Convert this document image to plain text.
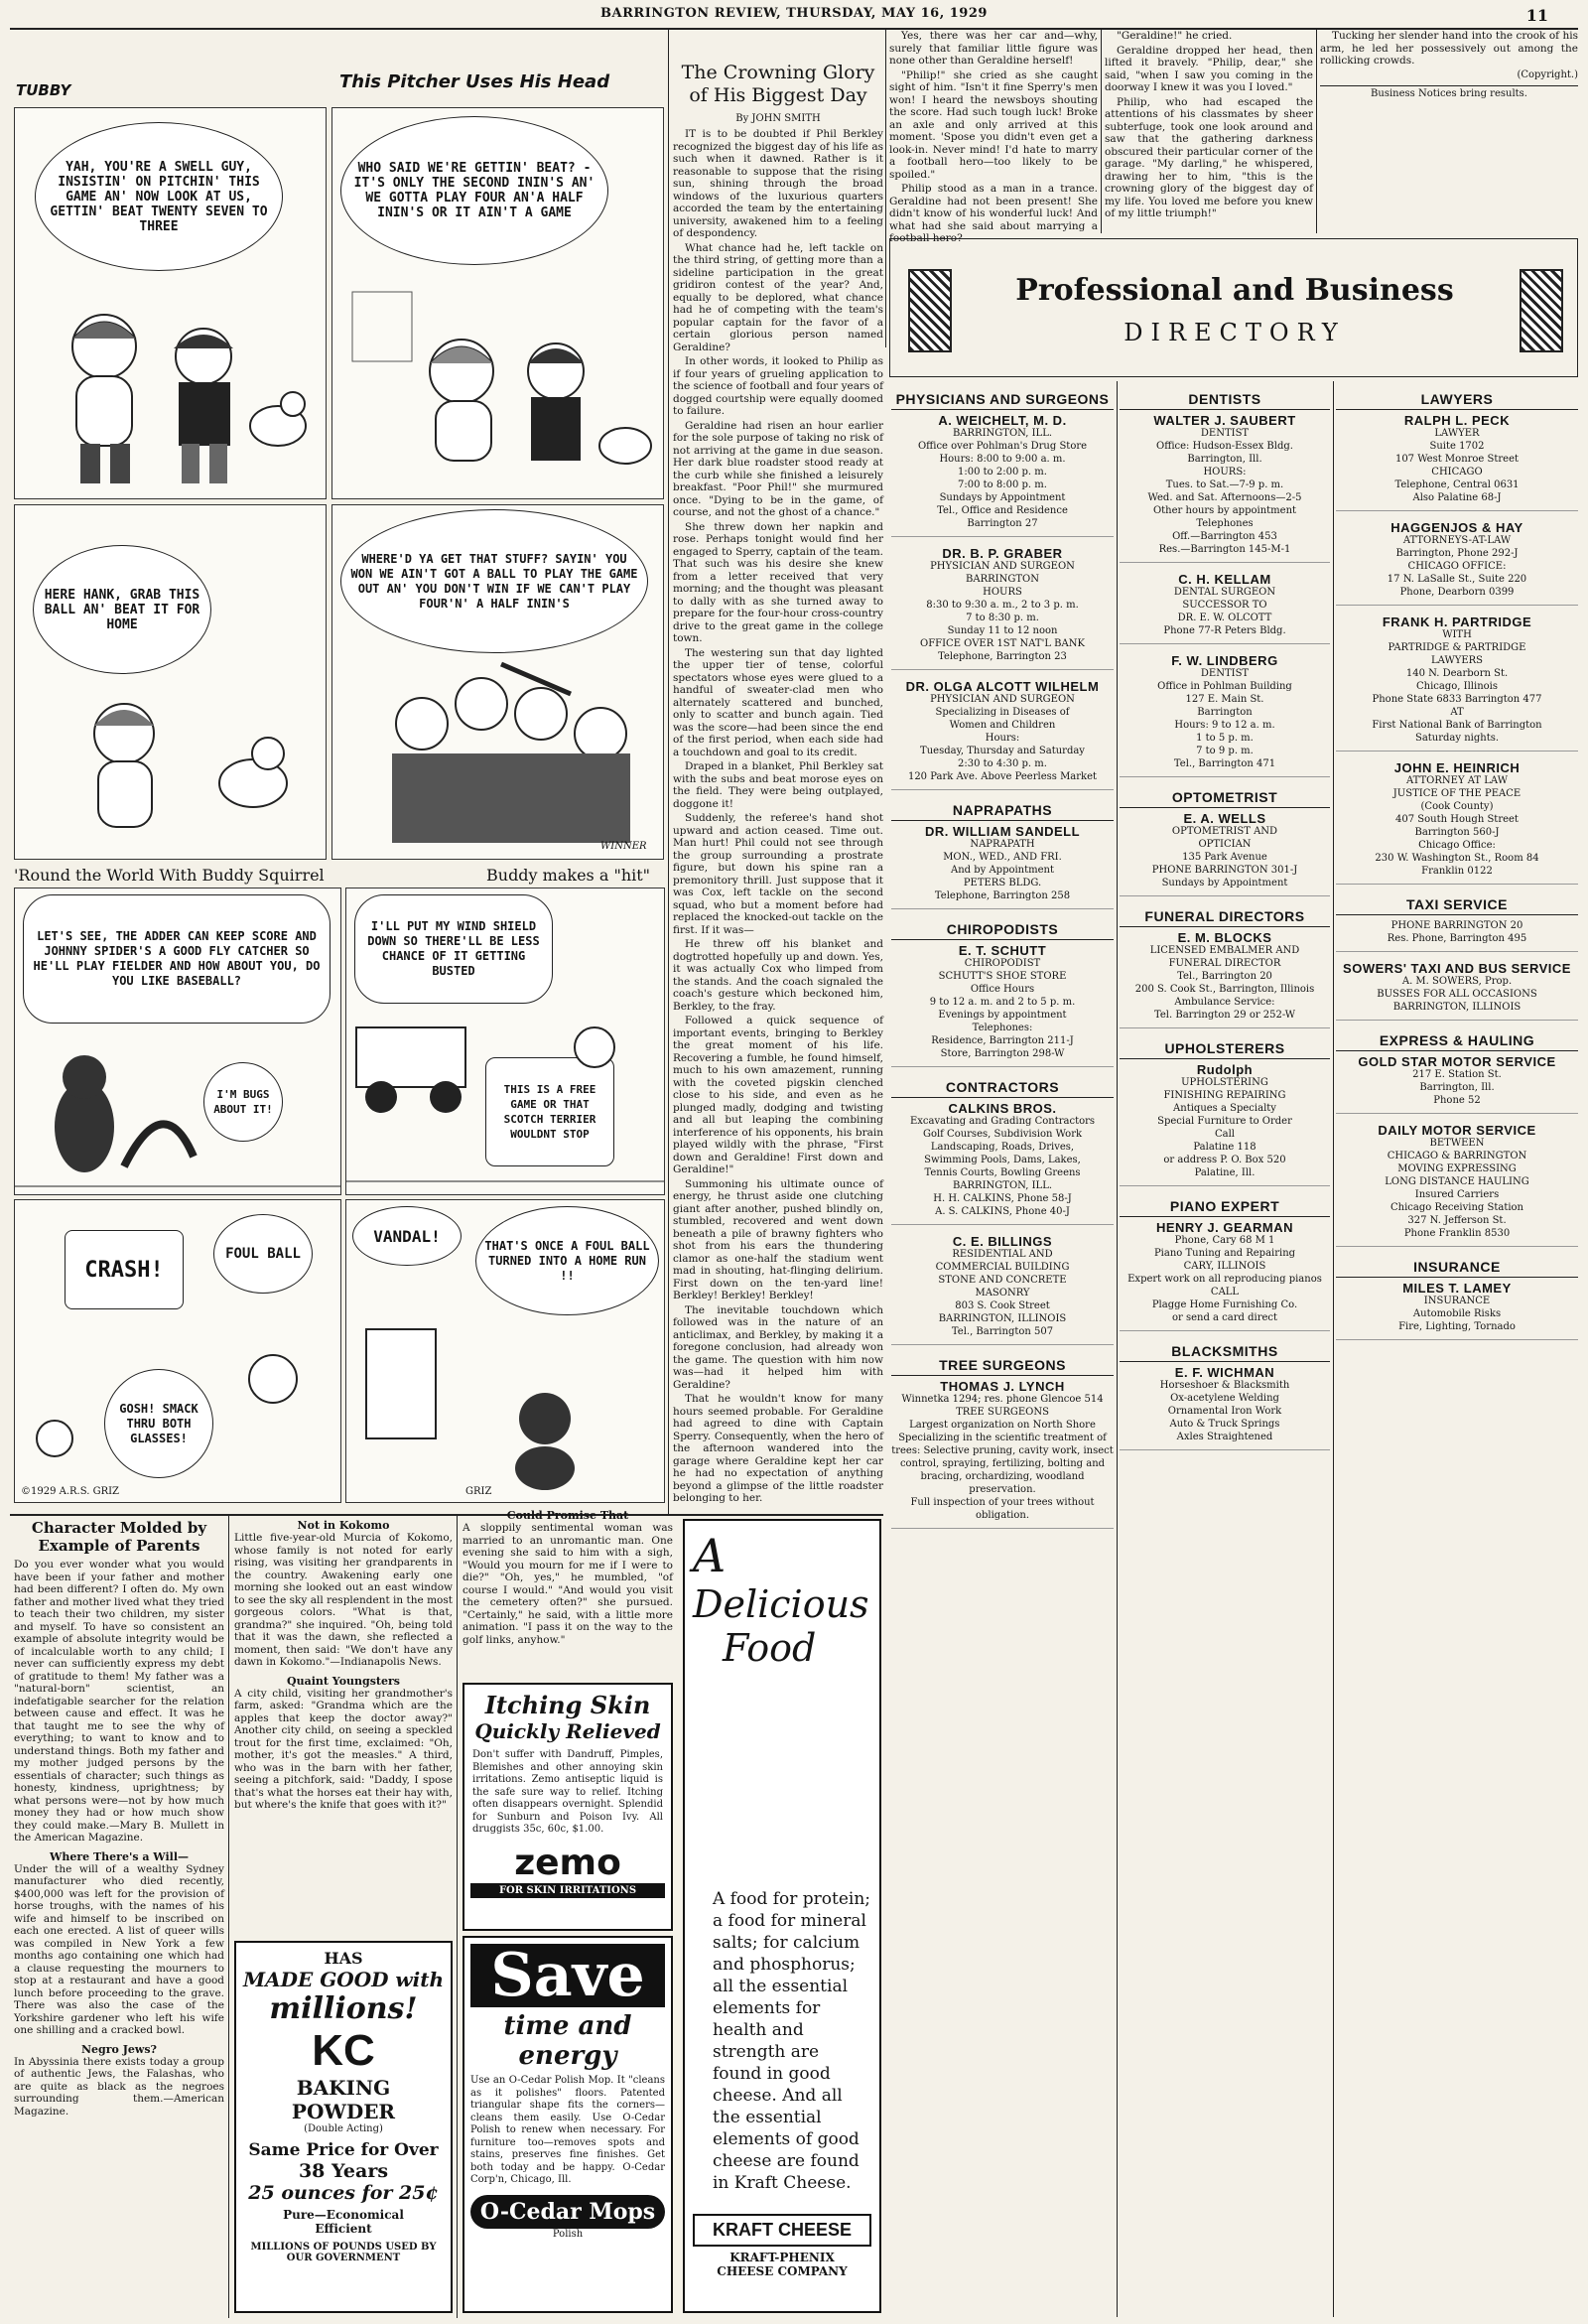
BARRINGTON REVIEW, THURSDAY, MAY 16, 1929	11
TUBBY	This Pitcher Uses His Head
YAH, YOU'RE A SWELL GUY, INSISTIN' ON PITCHIN' THIS GAME AN' NOW LOOK AT US, GETTIN' BEAT TWENTY SEVEN TO THREE
WHO SAID WE'RE GETTIN' BEAT? - IT'S ONLY THE SECOND ININ'S AN' WE GOTTA PLAY FOUR AN'A HALF ININ'S OR IT AIN'T A GAME
HERE HANK, GRAB THIS BALL AN' BEAT IT FOR HOME
WHERE'D YA GET THAT STUFF? SAYIN' YOU WON WE AIN'T GOT A BALL TO PLAY THE GAME OUT AN' YOU DON'T WIN IF WE CAN'T PLAY FOUR'N' A HALF ININ'S
WINNER
'Round the World With Buddy Squirrel	Buddy makes a "hit"
LET'S SEE, THE ADDER CAN KEEP SCORE AND JOHNNY SPIDER'S A GOOD FLY CATCHER SO HE'LL PLAY FIELDER AND HOW ABOUT YOU, DO YOU LIKE BASEBALL?
I'M BUGS ABOUT IT!
I'LL PUT MY WIND SHIELD DOWN SO THERE'LL BE LESS CHANCE OF IT GETTING BUSTED
THIS IS A FREE GAME OR THAT SCOTCH TERRIER WOULDNT STOP
CRASH!
FOUL BALL
GOSH! SMACK THRU BOTH GLASSES!
©1929 A.R.S. GRIZ
VANDAL!	THAT'S ONCE A FOUL BALL TURNED INTO A HOME RUN !!
GRIZ
The Crowning Glory of His Biggest Day
By JOHN SMITH

IT is to be doubted if Phil Berkley recognized the biggest day of his life as such when it dawned. Rather is it reasonable to suppose that the rising sun, shining through the broad windows of the luxurious quarters accorded the team by the entertaining university, awakened him to a feeling of despondency.

What chance had he, left tackle on the third string, of getting more than a sideline participation in the great gridiron contest of the year? And, equally to be deplored, what chance had he of competing with the team's popular captain for the favor of a certain glorious person named Geraldine?

In other words, it looked to Philip as if four years of grueling application to the science of football and four years of dogged courtship were equally doomed to failure.

Geraldine had risen an hour earlier for the sole purpose of taking no risk of not arriving at the game in due season. Her dark blue roadster stood ready at the curb while she finished a leisurely breakfast. "Poor Phil!" she murmured once. "Dying to be in the game, of course, and not the ghost of a chance."

She threw down her napkin and rose. Perhaps tonight would find her engaged to Sperry, captain of the team. That such was his desire she knew from a letter received that very morning; and the thought was pleasant to dally with as she turned away to prepare for the four-hour cross-country drive to the great game in the college town.

The westering sun that day lighted the upper tier of tense, colorful spectators whose eyes were glued to a handful of sweater-clad men who alternately scattered and bunched, only to scatter and bunch again. Tied was the score—had been since the end of the first period, when each side had a touchdown and goal to its credit.

Draped in a blanket, Phil Berkley sat with the subs and beat morose eyes on the field. They were being outplayed, doggone it!

Suddenly, the referee's hand shot upward and action ceased. Time out. Man hurt! Phil could not see through the group surrounding a prostrate figure, but down his spine ran a premonitory thrill. Just suppose that it was Cox, left tackle on the second squad, who but a moment before had replaced the knocked-out tackle on the first. If it was—

He threw off his blanket and dogtrotted hopefully up and down. Yes, it was actually Cox who limped from the stands. And the coach signaled the coach's gesture which beckoned him, Berkley, to the fray.

Followed a quick sequence of important events, bringing to Berkley the great moment of his life. Recovering a fumble, he found himself, much to his own amazement, running with the coveted pigskin clenched close to his side, and even as he plunged madly, dodging and twisting and all but leaping the combining interference of his opponents, his brain played wildly with the phrase, "First down and Geraldine! First down and Geraldine!"

Summoning his ultimate ounce of energy, he thrust aside one clutching giant after another, pushed blindly on, stumbled, recovered and went down beneath a pile of brawny fighters who shot from his ears the thundering clamor as one-half the stadium went mad in shouting, hat-flinging delirium. First down on the ten-yard line! Berkley! Berkley! Berkley!

The inevitable touchdown which followed was in the nature of an anticlimax, and Berkley, by making it a foregone conclusion, had already won the game. The question with him now was—had it helped him with Geraldine?

That he wouldn't know for many hours seemed probable. For Geraldine had agreed to dine with Captain Sperry. Consequently, when the hero of the afternoon wandered into the garage where Geraldine kept her car he had no expectation of anything beyond a glimpse of the little roadster belonging to her.

Yes, there was her car and—why, surely that familiar little figure was none other than Geraldine herself!

"Philip!" she cried as she caught sight of him. "Isn't it fine Sperry's men won! I heard the newsboys shouting the score. Had such tough luck! Broke an axle and only arrived at this moment. 'Spose you didn't even get a look-in. Never mind! I'd hate to marry a football hero—too likely to be spoiled."

Philip stood as a man in a trance. Geraldine had not been present! She didn't know of his wonderful luck! And what had she said about marrying a football hero?

"Geraldine!" he cried.

Geraldine dropped her head, then lifted it bravely. "Philip, dear," she said, "when I saw you coming in the doorway I knew it was you I loved."

Philip, who had escaped the attentions of his classmates by sheer subterfuge, took one look around and saw that the gathering darkness obscured their particular corner of the garage. "My darling," he whispered, drawing her to him, "this is the crowning glory of the biggest day of my life. You loved me before you knew of my little triumph!"

Tucking her slender hand into the crook of his arm, he led her possessively out among the rollicking crowds.

(Copyright.)
Business Notices bring results.
Professional and Business
DIRECTORY
PHYSICIANS AND SURGEONS
A. WEICHELT, M. D.
BARRINGTON, ILL.
Office over Pohlman's Drug Store
Hours: 8:00 to 9:00 a. m.
1:00 to 2:00 p. m.
7:00 to 8:00 p. m.
Sundays by Appointment
Tel., Office and Residence
Barrington 27
DR. B. P. GRABER
PHYSICIAN AND SURGEON
BARRINGTON
HOURS
8:30 to 9:30 a. m., 2 to 3 p. m.
7 to 8:30 p. m.
Sunday 11 to 12 noon
OFFICE OVER 1ST NAT'L BANK
Telephone, Barrington 23
DR. OLGA ALCOTT WILHELM
PHYSICIAN AND SURGEON
Specializing in Diseases of
Women and Children
Hours:
Tuesday, Thursday and Saturday
2:30 to 4:30 p. m.
120 Park Ave. Above Peerless Market
NAPRAPATHS
DR. WILLIAM SANDELL
NAPRAPATH
MON., WED., AND FRI.
And by Appointment
PETERS BLDG.
Telephone, Barrington 258
CHIROPODISTS
E. T. SCHUTT
CHIROPODIST
SCHUTT'S SHOE STORE
Office Hours
9 to 12 a. m. and 2 to 5 p. m.
Evenings by appointment
Telephones:
Residence, Barrington 211-J
Store, Barrington 298-W
CONTRACTORS
CALKINS BROS.
Excavating and Grading Contractors
Golf Courses, Subdivision Work
Landscaping, Roads, Drives,
Swimming Pools, Dams, Lakes,
Tennis Courts, Bowling Greens
BARRINGTON, ILL.
H. H. CALKINS, Phone 58-J
A. S. CALKINS, Phone 40-J
C. E. BILLINGS
RESIDENTIAL AND
COMMERCIAL BUILDING
STONE AND CONCRETE
MASONRY
803 S. Cook Street
BARRINGTON, ILLINOIS
Tel., Barrington 507
TREE SURGEONS
THOMAS J. LYNCH
Winnetka 1294; res. phone Glencoe 514
TREE SURGEONS
Largest organization on North Shore
Specializing in the scientific treatment of trees: Selective pruning, cavity work, insect control, spraying, fertilizing, bolting and bracing, orchardizing, woodland preservation.
Full inspection of your trees without obligation.
DENTISTS
WALTER J. SAUBERT
DENTIST
Office: Hudson-Essex Bldg.
Barrington, Ill.
HOURS:
Tues. to Sat.—7-9 p. m.
Wed. and Sat. Afternoons—2-5
Other hours by appointment
Telephones
Off.—Barrington 453
Res.—Barrington 145-M-1
C. H. KELLAM
DENTAL SURGEON
SUCCESSOR TO
DR. E. W. OLCOTT
Phone 77-R Peters Bldg.
F. W. LINDBERG
DENTIST
Office in Pohlman Building
127 E. Main St.
Barrington
Hours: 9 to 12 a. m.
1 to 5 p. m.
7 to 9 p. m.
Tel., Barrington 471
OPTOMETRIST
E. A. WELLS
OPTOMETRIST AND
OPTICIAN
135 Park Avenue
PHONE BARRINGTON 301-J
Sundays by Appointment
FUNERAL DIRECTORS
E. M. BLOCKS
LICENSED EMBALMER AND
FUNERAL DIRECTOR
Tel., Barrington 20
200 S. Cook St., Barrington, Illinois
Ambulance Service:
Tel. Barrington 29 or 252-W
UPHOLSTERERS
Rudolph
UPHOLSTERING
FINISHING REPAIRING
Antiques a Specialty
Special Furniture to Order
Call
Palatine 118
or address P. O. Box 520
Palatine, Ill.
PIANO EXPERT
HENRY J. GEARMAN
Phone, Cary 68 M 1
Piano Tuning and Repairing
CARY, ILLINOIS
Expert work on all reproducing pianos
CALL
Plagge Home Furnishing Co.
or send a card direct
BLACKSMITHS
E. F. WICHMAN
Horseshoer & Blacksmith
Ox-acetylene Welding
Ornamental Iron Work
Auto & Truck Springs
Axles Straightened
LAWYERS
RALPH L. PECK
LAWYER
Suite 1702
107 West Monroe Street
CHICAGO
Telephone, Central 0631
Also Palatine 68-J
HAGGENJOS & HAY
ATTORNEYS-AT-LAW
Barrington, Phone 292-J
CHICAGO OFFICE:
17 N. LaSalle St., Suite 220
Phone, Dearborn 0399
FRANK H. PARTRIDGE
WITH
PARTRIDGE & PARTRIDGE
LAWYERS
140 N. Dearborn St.
Chicago, Illinois
Phone State 6833 Barrington 477
AT
First National Bank of Barrington
Saturday nights.
JOHN E. HEINRICH
ATTORNEY AT LAW
JUSTICE OF THE PEACE
(Cook County)
407 South Hough Street
Barrington 560-J
Chicago Office:
230 W. Washington St., Room 84
Franklin 0122
TAXI SERVICE
PHONE BARRINGTON 20
Res. Phone, Barrington 495
SOWERS' TAXI AND BUS SERVICE
A. M. SOWERS, Prop.
BUSSES FOR ALL OCCASIONS
BARRINGTON, ILLINOIS
EXPRESS & HAULING
GOLD STAR MOTOR SERVICE
217 E. Station St.
Barrington, Ill.
Phone 52
DAILY MOTOR SERVICE
BETWEEN
CHICAGO & BARRINGTON
MOVING EXPRESSING
LONG DISTANCE HAULING
Insured Carriers
Chicago Receiving Station
327 N. Jefferson St.
Phone Franklin 8530
INSURANCE
MILES T. LAMEY
INSURANCE
Automobile Risks
Fire, Lighting, Tornado
Character Molded by Example of Parents
Do you ever wonder what you would have been if your father and mother had been different? I often do. My own father and mother lived what they tried to teach their two children, my sister and myself. To have so consistent an example of absolute integrity would be of incalculable worth to any child; I never can sufficiently express my debt of gratitude to them! My father was a "natural-born" scientist, an indefatigable searcher for the relation between cause and effect. It was he that taught me to see the why of everything; to want to know and to understand things. Both my father and my mother judged persons by the essentials of character; such things as honesty, kindness, uprightness; by what persons were—not by how much money they had or how much show they could make.—Mary B. Mullett in the American Magazine.
Where There's a Will—
Under the will of a wealthy Sydney manufacturer who died recently, $400,000 was left for the provision of horse troughs, with the names of his wife and himself to be inscribed on each one erected. A list of queer wills was compiled in New York a few months ago containing one which had a clause requesting the mourners to stop at a restaurant and have a good lunch before proceeding to the grave. There was also the case of the Yorkshire gardener who left his wife one shilling and a cracked bowl.
Negro Jews?
In Abyssinia there exists today a group of authentic Jews, the Falashas, who are quite as black as the negroes surrounding them.—American Magazine.
Not in Kokomo
Little five-year-old Murcia of Kokomo, whose family is not noted for early rising, was visiting her grandparents in the country. Awakening early one morning she looked out an east window to see the sky all resplendent in the most gorgeous colors. "What is that, grandma?" she inquired. "Oh, being told that it was the dawn, she reflected a moment, then said: "We don't have any dawn in Kokomo."—Indianapolis News.
Quaint Youngsters
A city child, visiting her grandmother's farm, asked: "Grandma which are the apples that keep the doctor away?" Another city child, on seeing a speckled trout for the first time, exclaimed: "Oh, mother, it's got the measles." A third, who was in the barn with her father, seeing a pitchfork, said: "Daddy, I spose that's what the horses eat their hay with, but where's the knife that goes with it?"
Could Promise That
A sloppily sentimental woman was married to an unromantic man. One evening she said to him with a sigh, "Would you mourn for me if I were to die?" "Oh, yes," he mumbled, "of course I would." "And would you visit the cemetery often?" she pursued. "Certainly," he said, with a little more animation. "I pass it on the way to the golf links, anyhow."
Itching Skin
Quickly Relieved
Don't suffer with Dandruff, Pimples, Blemishes and other annoying skin irritations. Zemo antiseptic liquid is the safe sure way to relief. Itching often disappears overnight. Splendid for Sunburn and Poison Ivy. All druggists 35c, 60c, $1.00.
zemo
FOR SKIN IRRITATIONS
HAS
MADE GOOD with
millions!
KC
BAKING POWDER
(Double Acting)
Same Price for Over
38 Years
25 ounces for 25¢
Pure—Economical
Efficient
MILLIONS OF POUNDS USED BY OUR GOVERNMENT
Save
time and energy
Use an O-Cedar Polish Mop. It "cleans as it polishes" floors. Patented triangular shape fits the corners—cleans them easily. Use O-Cedar Polish to renew when necessary. For furniture too—removes spots and stains, preserves fine finishes. Get both today and be happy. O-Cedar Corp'n, Chicago, Ill.
O-Cedar Mops
Polish
A
Delicious
Food
A food for protein; a food for mineral salts; for calcium and phosphorus; all the essential elements for health and strength are found in good cheese. And all the essential elements of good cheese are found in Kraft Cheese.
KRAFT CHEESE
KRAFT-PHENIX
CHEESE COMPANY
